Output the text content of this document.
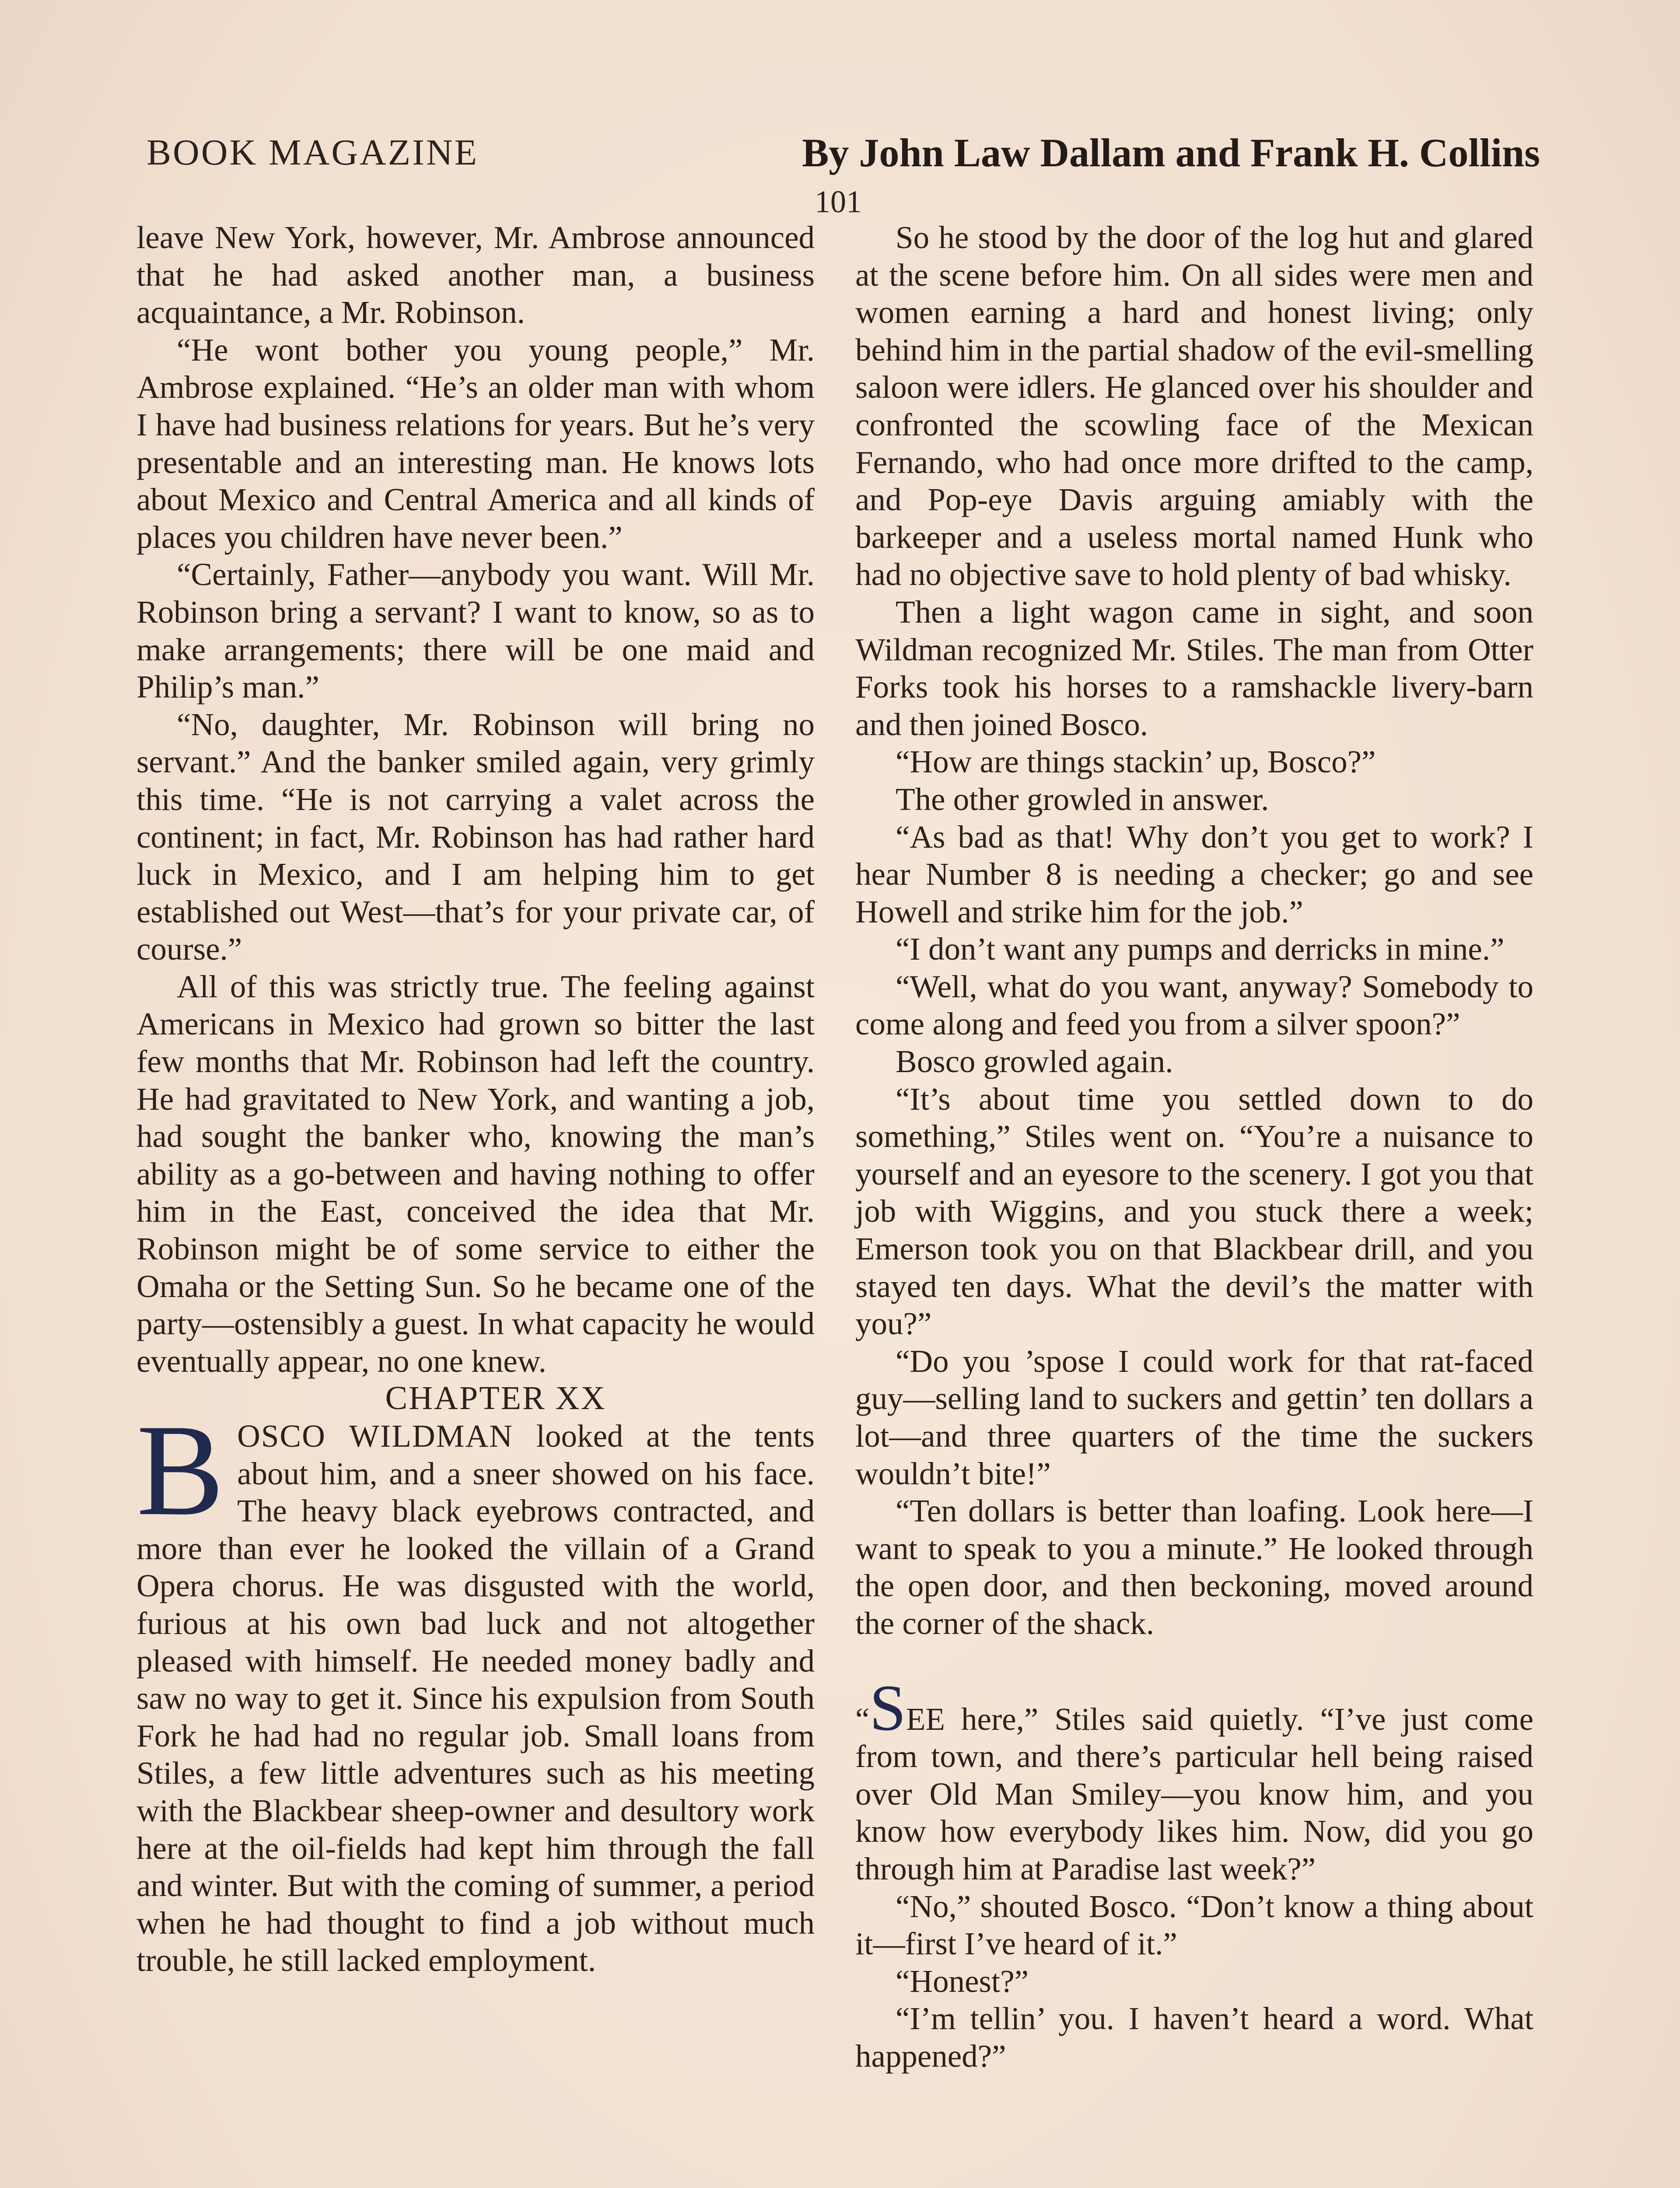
BOOK MAGAZINE	By John Law Dallam and Frank H. Collins
101

leave New York, however, Mr. Ambrose announced that he had asked another man, a business acquaintance, a Mr. Robinson.

“He wont bother you young people,” Mr. Ambrose explained. “He’s an older man with whom I have had business relations for years. But he’s very presentable and an interesting man. He knows lots about Mexico and Central America and all kinds of places you children have never been.”

“Certainly, Father—anybody you want. Will Mr. Robinson bring a servant? I want to know, so as to make arrangements; there will be one maid and Philip’s man.”

“No, daughter, Mr. Robinson will bring no servant.” And the banker smiled again, very grimly this time. “He is not carrying a valet across the continent; in fact, Mr. Robinson has had rather hard luck in Mexico, and I am helping him to get established out West—that’s for your private car, of course.”

All of this was strictly true. The feeling against Americans in Mexico had grown so bitter the last few months that Mr. Robinson had left the country. He had gravitated to New York, and wanting a job, had sought the banker who, knowing the man’s ability as a go-between and having nothing to offer him in the East, conceived the idea that Mr. Robinson might be of some service to either the Omaha or the Setting Sun. So he became one of the party—ostensibly a guest. In what capacity he would eventually appear, no one knew.

CHAPTER XX

BOSCO WILDMAN looked at the tents about him, and a sneer showed on his face. The heavy black eyebrows contracted, and more than ever he looked the villain of a Grand Opera chorus. He was disgusted with the world, furious at his own bad luck and not altogether pleased with himself. He needed money badly and saw no way to get it. Since his expulsion from South Fork he had had no regular job. Small loans from Stiles, a few little adventures such as his meeting with the Blackbear sheep-owner and desultory work here at the oil-fields had kept him through the fall and winter. But with the coming of summer, a period when he had thought to find a job without much trouble, he still lacked employment.

So he stood by the door of the log hut and glared at the scene before him. On all sides were men and women earning a hard and honest living; only behind him in the partial shadow of the evil-smelling saloon were idlers. He glanced over his shoulder and confronted the scowling face of the Mexican Fernando, who had once more drifted to the camp, and Pop-eye Davis arguing amiably with the barkeeper and a useless mortal named Hunk who had no objective save to hold plenty of bad whisky.

Then a light wagon came in sight, and soon Wildman recognized Mr. Stiles. The man from Otter Forks took his horses to a ramshackle livery-barn and then joined Bosco.

“How are things stackin’ up, Bosco?”

The other growled in answer.

“As bad as that! Why don’t you get to work? I hear Number 8 is needing a checker; go and see Howell and strike him for the job.”

“I don’t want any pumps and derricks in mine.”

“Well, what do you want, anyway? Somebody to come along and feed you from a silver spoon?”

Bosco growled again.

“It’s about time you settled down to do something,” Stiles went on. “You’re a nuisance to yourself and an eyesore to the scenery. I got you that job with Wiggins, and you stuck there a week; Emerson took you on that Blackbear drill, and you stayed ten days. What the devil’s the matter with you?”

“Do you ’spose I could work for that rat-faced guy—selling land to suckers and gettin’ ten dollars a lot—and three quarters of the time the suckers wouldn’t bite!”

“Ten dollars is better than loafing. Look here—I want to speak to you a minute.” He looked through the open door, and then beckoning, moved around the corner of the shack.

“SEE here,” Stiles said quietly. “I’ve just come from town, and there’s particular hell being raised over Old Man Smiley—you know him, and you know how everybody likes him. Now, did you go through him at Paradise last week?”

“No,” shouted Bosco. “Don’t know a thing about it—first I’ve heard of it.”

“Honest?”

“I’m tellin’ you. I haven’t heard a word. What happened?”
